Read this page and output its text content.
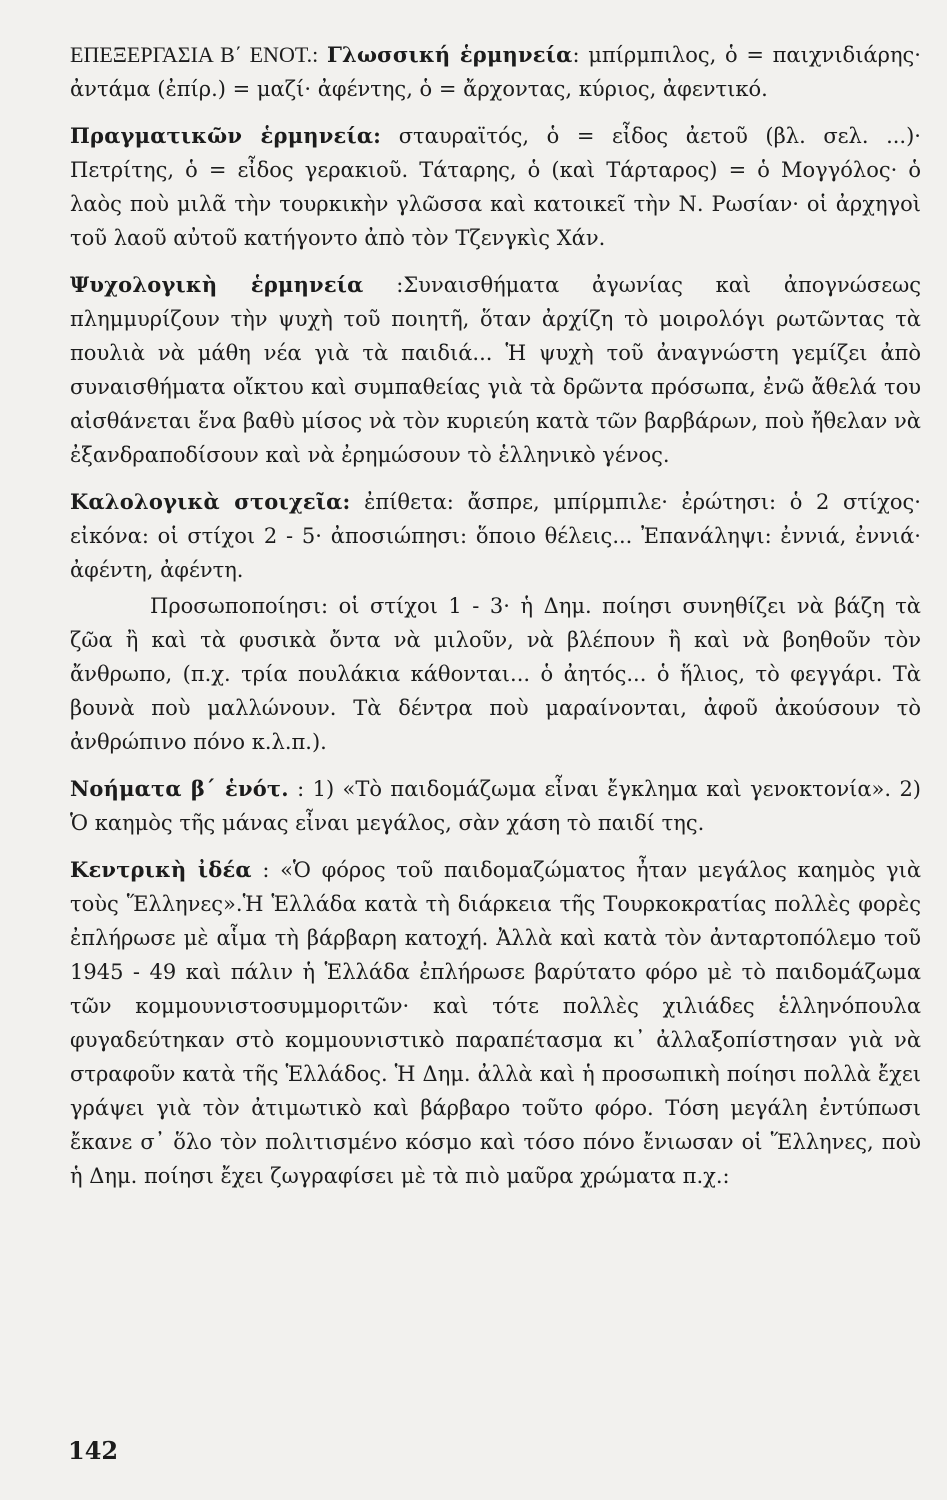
ΕΠΕΞΕΡΓΑΣΙΑ Β΄ ΕΝΟΤ.: Γλωσσική ἑρμηνεία: μπίρμπιλος, ὁ = παιχνιδιάρης· ἀντάμα (ἐπίρ.) = μαζί· ἀφέντης, ὁ = ἄρχοντας, κύριος, ἀφεντικό.

Πραγματικῶν ἑρμηνεία: σταυραϊτός, ὁ = εἶδος ἀετοῦ (βλ. σελ. ...)· Πετρίτης, ὁ = εἶδος γερακιοῦ. Τάταρης, ὁ (καὶ Τάρταρος) = ὁ Μογγόλος· ὁ λαὸς ποὺ μιλᾶ τὴν τουρκικὴν γλῶσσα καὶ κατοικεῖ τὴν Ν. Ρωσίαν· οἱ ἀρχηγοὶ τοῦ λαοῦ αὐτοῦ κατήγοντο ἀπὸ τὸν Τζενγκὶς Χάν.

Ψυχολογικὴ ἑρμηνεία :Συναισθήματα ἀγωνίας καὶ ἀπογνώσεως πλημμυρίζουν τὴν ψυχὴ τοῦ ποιητῆ, ὅταν ἀρχίζη τὸ μοιρολόγι ρωτῶντας τὰ πουλιὰ νὰ μάθη νέα γιὰ τὰ παιδιά... Ἡ ψυχὴ τοῦ ἀναγνώστη γεμίζει ἀπὸ συναισθήματα οἴκτου καὶ συμπαθείας γιὰ τὰ δρῶντα πρόσωπα, ἐνῶ ἄθελά του αἰσθάνεται ἕνα βαθὺ μίσος νὰ τὸν κυριεύη κατὰ τῶν βαρβάρων, ποὺ ἤθελαν νὰ ἐξανδραποδίσουν καὶ νὰ ἐρημώσουν τὸ ἑλληνικὸ γένος.

Καλολογικὰ στοιχεῖα: ἐπίθετα: ἄσπρε, μπίρμπιλε· ἐρώτησι: ὁ 2 στίχος· εἰκόνα: οἱ στίχοι 2 - 5· ἀποσιώπησι: ὅποιο θέλεις... Ἐπανάληψι: ἐννιά, ἐννιά· ἀφέντη, ἀφέντη.

Προσωποποίησι: οἱ στίχοι 1 - 3· ἡ Δημ. ποίησι συνηθίζει νὰ βάζη τὰ ζῶα ἢ καὶ τὰ φυσικὰ ὄντα νὰ μιλοῦν, νὰ βλέπουν ἢ καὶ νὰ βοηθοῦν τὸν ἄνθρωπο, (π.χ. τρία πουλάκια κάθονται... ὁ ἀητός... ὁ ἥλιος, τὸ φεγγάρι. Τὰ βουνὰ ποὺ μαλλώνουν. Τὰ δέντρα ποὺ μαραίνονται, ἀφοῦ ἀκούσουν τὸ ἀνθρώπινο πόνο κ.λ.π.).

Νοήματα β΄ ἑνότ. : 1) «Τὸ παιδομάζωμα εἶναι ἔγκλημα καὶ γενοκτονία». 2) Ὁ καημὸς τῆς μάνας εἶναι μεγάλος, σὰν χάση τὸ παιδί της.

Κεντρικὴ ἰδέα : «Ὁ φόρος τοῦ παιδομαζώματος ἦταν μεγάλος καημὸς γιὰ τοὺς Ἕλληνες».Ἡ Ἑλλάδα κατὰ τὴ διάρκεια τῆς Τουρκοκρατίας πολλὲς φορὲς ἐπλήρωσε μὲ αἷμα τὴ βάρβαρη κατοχή. Ἀλλὰ καὶ κατὰ τὸν ἀνταρτοπόλεμο τοῦ 1945 - 49 καὶ πάλιν ἡ Ἑλλάδα ἐπλήρωσε βαρύτατο φόρο μὲ τὸ παιδομάζωμα τῶν κομμουνιστοσυμμοριτῶν· καὶ τότε πολλὲς χιλιάδες ἑλληνόπουλα φυγαδεύτηκαν στὸ κομμουνιστικὸ παραπέτασμα κι᾽ ἀλλαξοπίστησαν γιὰ νὰ στραφοῦν κατὰ τῆς Ἑλλάδος. Ἡ Δημ. ἀλλὰ καὶ ἡ προσωπικὴ ποίησι πολλὰ ἔχει γράψει γιὰ τὸν ἀτιμωτικὸ καὶ βάρβαρο τοῦτο φόρο. Τόση μεγάλη ἐντύπωσι ἔκανε σ᾽ ὅλο τὸν πολιτισμένο κόσμο καὶ τόσο πόνο ἔνιωσαν οἱ Ἕλληνες, ποὺ ἡ Δημ. ποίησι ἔχει ζωγραφίσει μὲ τὰ πιὸ μαῦρα χρώματα π.χ.:

142
